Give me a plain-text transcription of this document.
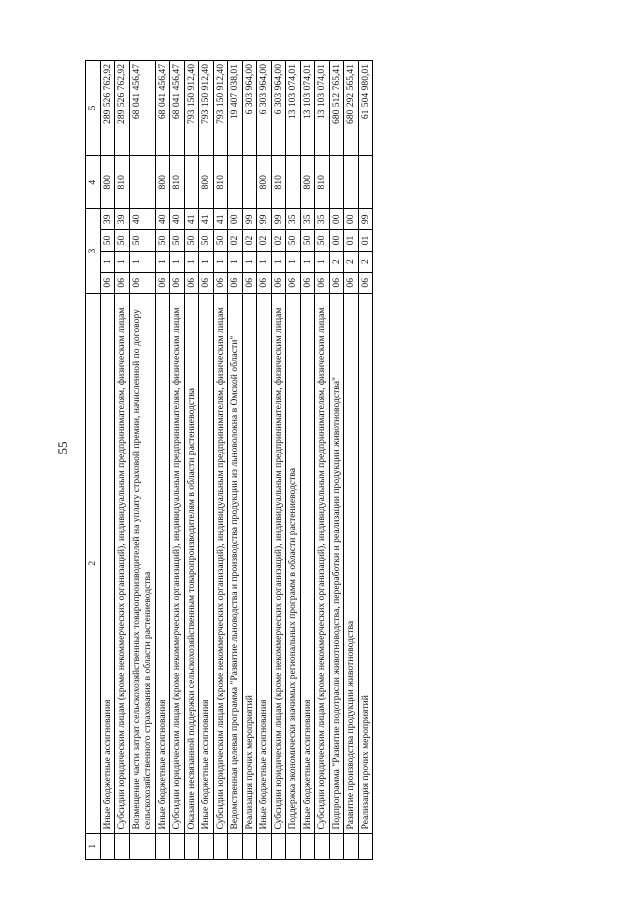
55
1	2	3				4	5
	Иные бюджетные ассигнования	06	1	50	39	800	289 526 762,92
	Субсидии юридическим лицам (кроме некоммерческих организаций), индивидуальным предпринимателям, физическим лицам	06	1	50	39	810	289 526 762,92
	Возмещение части затрат сельскохозяйственных товаропроизводителей на уплату страховой премии, начисленной по договору сельскохозяйственного страхования в области растениеводства	06	1	50	40		68 041 456,47
	Иные бюджетные ассигнования	06	1	50	40	800	68 041 456,47
	Субсидии юридическим лицам (кроме некоммерческих организаций), индивидуальным предпринимателям, физическим лицам	06	1	50	40	810	68 041 456,47
	Оказание несвязанной поддержки сельскохозяйственным товаропроизводителям в области растениеводства	06	1	50	41		793 150 912,40
	Иные бюджетные ассигнования	06	1	50	41	800	793 150 912,40
	Субсидии юридическим лицам (кроме некоммерческих организаций), индивидуальным предпринимателям, физическим лицам	06	1	50	41	810	793 150 912,40
	Ведомственная целевая программа "Развитие льноводства и производства продукции из льноволокна в Омской области"	06	1	02	00		19 407 038,01
	Реализация прочих мероприятий	06	1	02	99		6 303 964,00
	Иные бюджетные ассигнования	06	1	02	99	800	6 303 964,00
	Субсидии юридическим лицам (кроме некоммерческих организаций), индивидуальным предпринимателям, физическим лицам	06	1	02	99	810	6 303 964,00
	Поддержка экономически значимых региональных программ в области растениеводства	06	1	50	35		13 103 074,01
	Иные бюджетные ассигнования	06	1	50	35	800	13 103 074,01
	Субсидии юридическим лицам (кроме некоммерческих организаций), индивидуальным предпринимателям, физическим лицам	06	1	50	35	810	13 103 074,01
	Подпрограмма "Развитие подотрасли животноводства, переработки и реализации продукции животноводства"	06	2	00	00		680 512 765,41
	Развитие производства продукции животноводства	06	2	01	00		680 292 565,41
	Реализация прочих мероприятий	06	2	01	99		61 504 980,01
